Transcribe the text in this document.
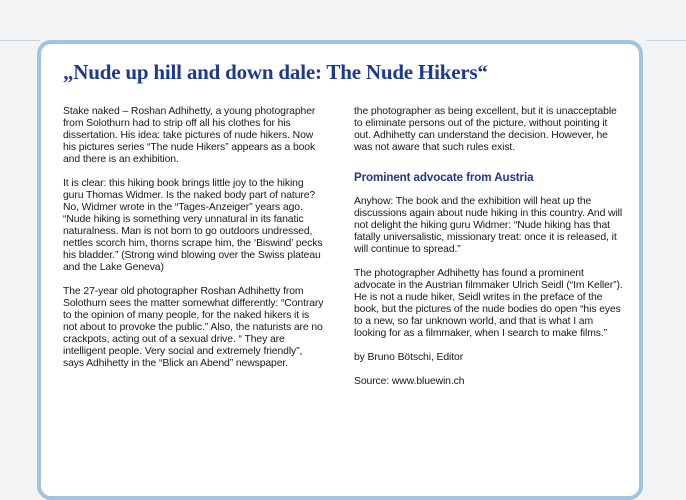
„Nude up hill and down dale: The Nude Hikers“

Stake naked – Roshan Adhihetty, a young photographer from Solothurn had to strip off all his clothes for his dissertation. His idea: take pictures of nude hikers. Now his pictures series “The nude Hikers” appears as a book and there is an exhibition.

It is clear: this hiking book brings little joy to the hiking guru Thomas Widmer. Is the naked body part of nature? No, Widmer wrote in the “Tages-Anzeiger” years ago. “Nude hiking is something very unnatural in its fanatic naturalness. Man is not born to go outdoors undressed, nettles scorch him, thorns scrape him, the ‘Biswind’ pecks his bladder.” (Strong wind blowing over the Swiss plateau and the Lake Geneva)

The 27-year old photographer Roshan Adhihetty from Solothurn sees the matter somewhat differently: “Contrary to the opinion of many people, for the naked hikers it is not about to provoke the public.” Also, the naturists are no crackpots, acting out of a sexual drive. “ They are intelligent people. Very social and extremely friendly”, says Adhihetty in the “Blick an Abend” newspaper.

the photographer as being excellent, but it is unacceptable to eliminate persons out of the picture, without pointing it out. Adhihetty can understand the decision. However, he was not aware that such rules exist.

Prominent advocate from Austria

Anyhow: The book and the exhibition will heat up the discussions again about nude hiking in this country. And will not delight the hiking guru Widmer: “Nude hiking has that fatally universalistic, missionary treat: once it is released, it will continue to spread.”

The photographer Adhihetty has found a prominent advocate in the Austrian filmmaker Ulrich Seidl (“Im Keller”). He is not a nude hiker, Seidl writes in the preface of the book, but the pictures of the nude bodies do open “his eyes to a new, so far unknown world, and that is what I am looking for as a filmmaker, when I search to make films.”

by Bruno Bötschi, Editor

Source: www.bluewin.ch
